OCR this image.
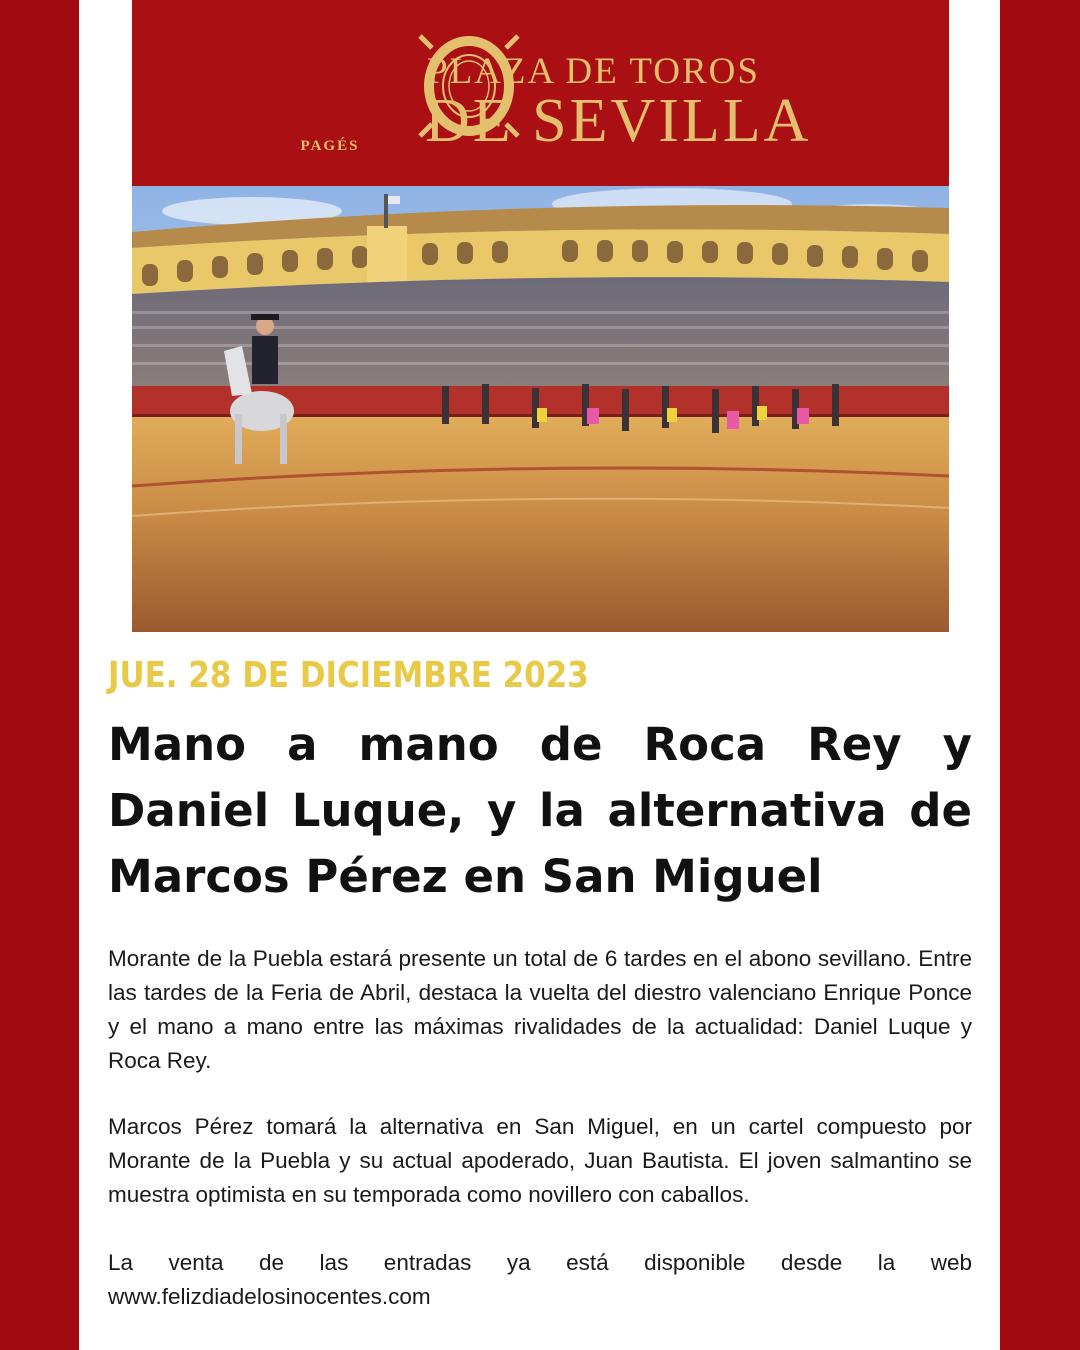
PAGÉS
PLAZA DE TOROS
DE SEVILLA
JUE. 28 DE DICIEMBRE 2023
Mano a mano de Roca Rey y Daniel Luque, y la alternativa de Marcos Pérez en San Miguel

Morante de la Puebla estará presente un total de 6 tardes en el abono sevillano. Entre las tardes de la Feria de Abril, destaca la vuelta del diestro valenciano Enrique Ponce y el mano a mano entre las máximas rivalidades de la actualidad: Daniel Luque y Roca Rey.

Marcos Pérez tomará la alternativa en San Miguel, en un cartel compuesto por Morante de la Puebla y su actual apoderado, Juan Bautista. El joven salmantino se muestra optimista en su temporada como novillero con caballos.

La venta de las entradas ya está disponible desde la web www.felizdiadelosinocentes.com
